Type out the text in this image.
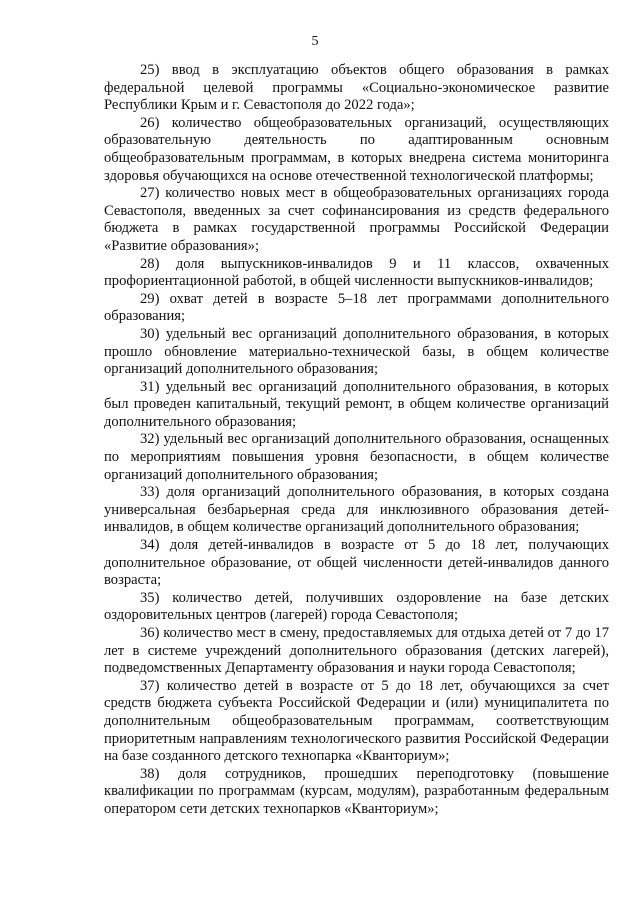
5

25) ввод в эксплуатацию объектов общего образования в рамках федеральной целевой программы «Социально-экономическое развитие Республики Крым и г. Севастополя до 2022 года»;

26) количество общеобразовательных организаций, осуществляющих образовательную деятельность по адаптированным основным общеобразовательным программам, в которых внедрена система мониторинга здоровья обучающихся на основе отечественной технологической платформы;

27) количество новых мест в общеобразовательных организациях города Севастополя, введенных за счет софинансирования из средств федерального бюджета в рамках государственной программы Российской Федерации «Развитие образования»;

28) доля выпускников-инвалидов 9 и 11 классов, охваченных профориентационной работой, в общей численности выпускников-инвалидов;

29) охват детей в возрасте 5–18 лет программами дополнительного образования;

30) удельный вес организаций дополнительного образования, в которых прошло обновление материально-технической базы, в общем количестве организаций дополнительного образования;

31) удельный вес организаций дополнительного образования, в которых был проведен капитальный, текущий ремонт, в общем количестве организаций дополнительного образования;

32) удельный вес организаций дополнительного образования, оснащенных по мероприятиям повышения уровня безопасности, в общем количестве организаций дополнительного образования;

33) доля организаций дополнительного образования, в которых создана универсальная безбарьерная среда для инклюзивного образования детей-инвалидов, в общем количестве организаций дополнительного образования;

34) доля детей-инвалидов в возрасте от 5 до 18 лет, получающих дополнительное образование, от общей численности детей-инвалидов данного возраста;

35) количество детей, получивших оздоровление на базе детских оздоровительных центров (лагерей) города Севастополя;

36) количество мест в смену, предоставляемых для отдыха детей от 7 до 17 лет в системе учреждений дополнительного образования (детских лагерей), подведомственных Департаменту образования и науки города Севастополя;

37) количество детей в возрасте от 5 до 18 лет, обучающихся за счет средств бюджета субъекта Российской Федерации и (или) муниципалитета по дополнительным общеобразовательным программам, соответствующим приоритетным направлениям технологического развития Российской Федерации на базе созданного детского технопарка «Кванториум»;

38) доля сотрудников, прошедших переподготовку (повышение квалификации по программам (курсам, модулям), разработанным федеральным оператором сети детских технопарков «Кванториум»;
